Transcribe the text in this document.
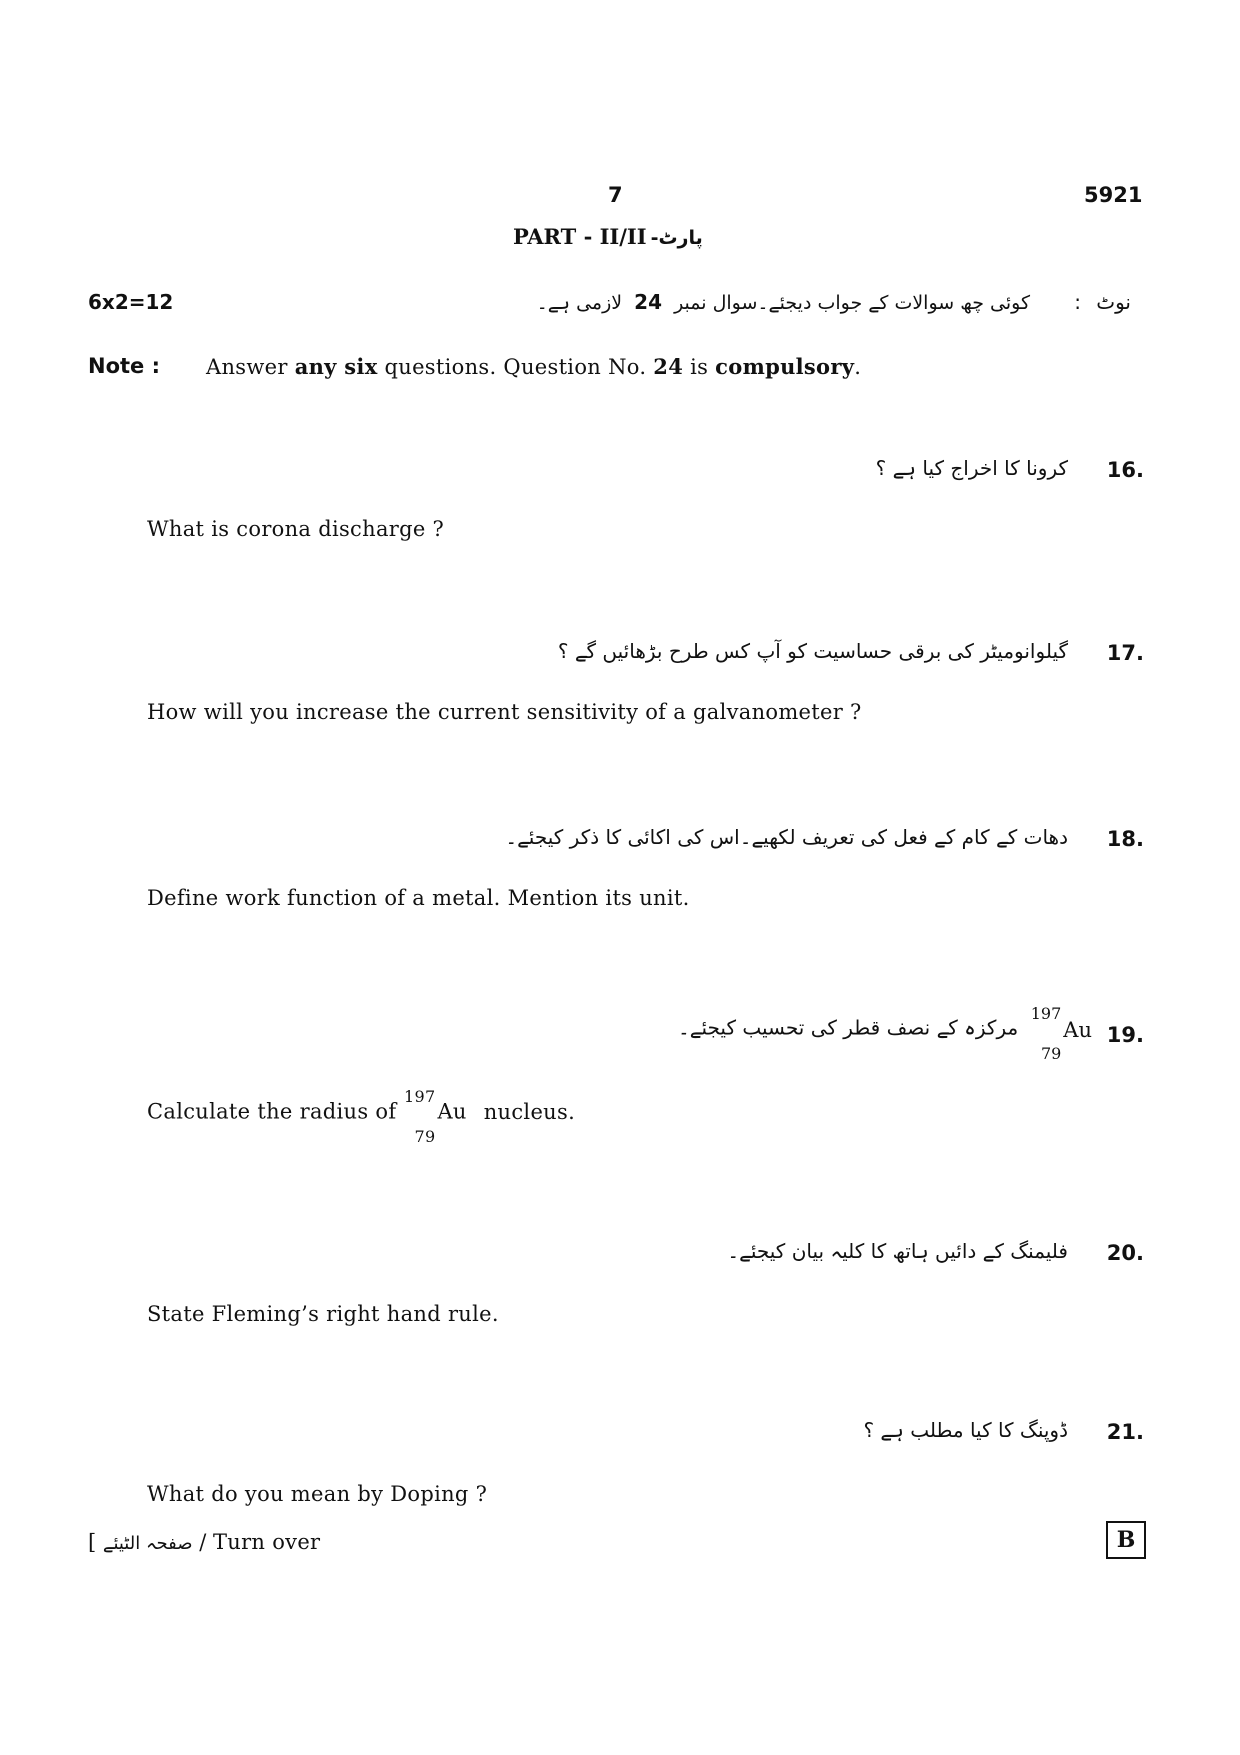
7	5921
PART - II/II پارٹ-
6x2=12	نوٹ
:
کوئی چھ سوالات کے جواب دیجئے۔سوال نمبر 24 لازمی ہے۔
Note : Answer any six questions. Question No. 24 is compulsory.
16.
کرونا کا اخراج کیا ہے ؟
What is corona discharge ?
17.
گیلوانومیٹر کی برقی حساسیت کو آپ کس طرح بڑھائیں گے ؟
How will you increase the current sensitivity of a galvanometer ?
18.
دھات کے کام کے فعل کی تعریف لکھیے۔اس کی اکائی کا ذکر کیجئے۔
Define work function of a metal. Mention its unit.
19.
مرکزہ کے نصف قطر کی تحسیب کیجئے۔
197
79
Au
Calculate the radius of
197
79
Au nucleus.
20.
فلیمنگ کے دائیں ہاتھ کا کلیہ بیان کیجئے۔
State Fleming’s right hand rule.
21.
ڈوپنگ کا کیا مطلب ہے ؟
What do you mean by Doping ?
[ صفحہ الٹیئے / Turn over	B
